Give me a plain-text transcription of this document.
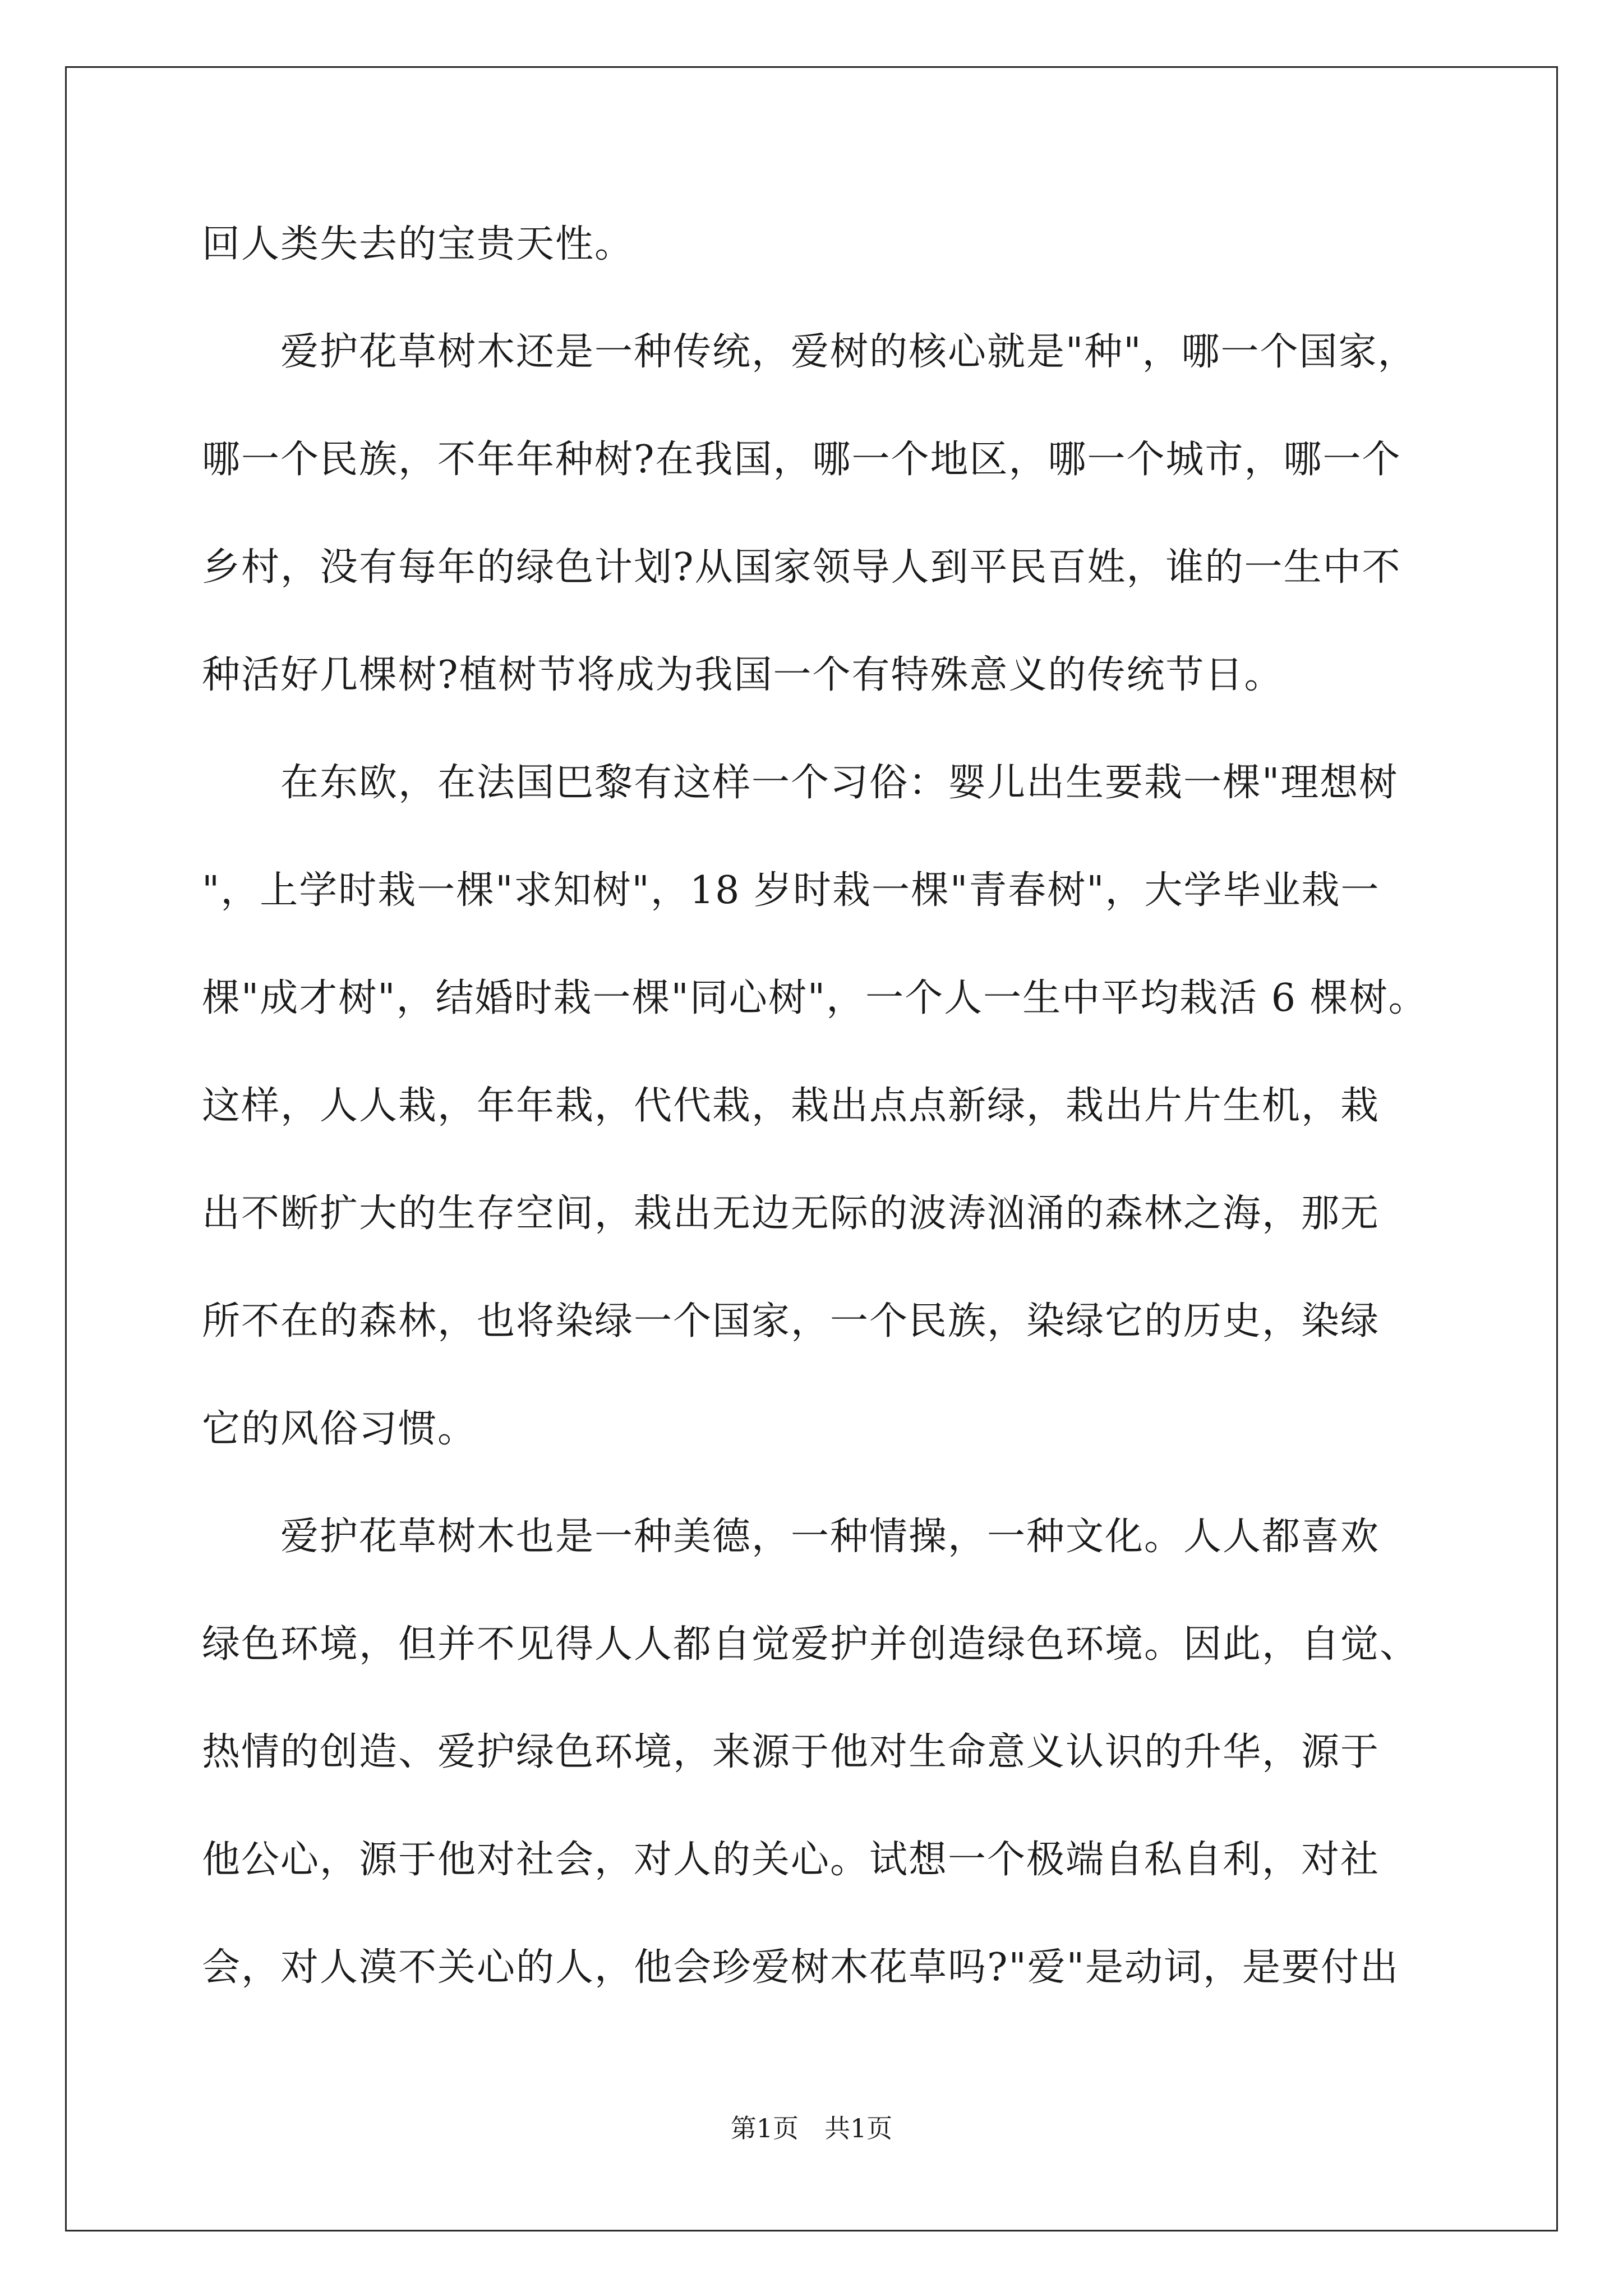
回人类失去的宝贵天性。
　　爱护花草树木还是一种传统，爱树的核心就是"种"，哪一个国家，
哪一个民族，不年年种树?在我国，哪一个地区，哪一个城市，哪一个
乡村，没有每年的绿色计划?从国家领导人到平民百姓，谁的一生中不
种活好几棵树?植树节将成为我国一个有特殊意义的传统节日。
　　在东欧，在法国巴黎有这样一个习俗：婴儿出生要栽一棵"理想树
"，上学时栽一棵"求知树"，18 岁时栽一棵"青春树"，大学毕业栽一
棵"成才树"，结婚时栽一棵"同心树"，一个人一生中平均栽活 6 棵树。
这样，人人栽，年年栽，代代栽，栽出点点新绿，栽出片片生机，栽
出不断扩大的生存空间，栽出无边无际的波涛汹涌的森林之海，那无
所不在的森林，也将染绿一个国家，一个民族，染绿它的历史，染绿
它的风俗习惯。
　　爱护花草树木也是一种美德，一种情操，一种文化。人人都喜欢
绿色环境，但并不见得人人都自觉爱护并创造绿色环境。因此，自觉、
热情的创造、爱护绿色环境，来源于他对生命意义认识的升华，源于
他公心，源于他对社会，对人的关心。试想一个极端自私自利，对社
会，对人漠不关心的人，他会珍爱树木花草吗?"爱"是动词，是要付出
第1页　共1页
